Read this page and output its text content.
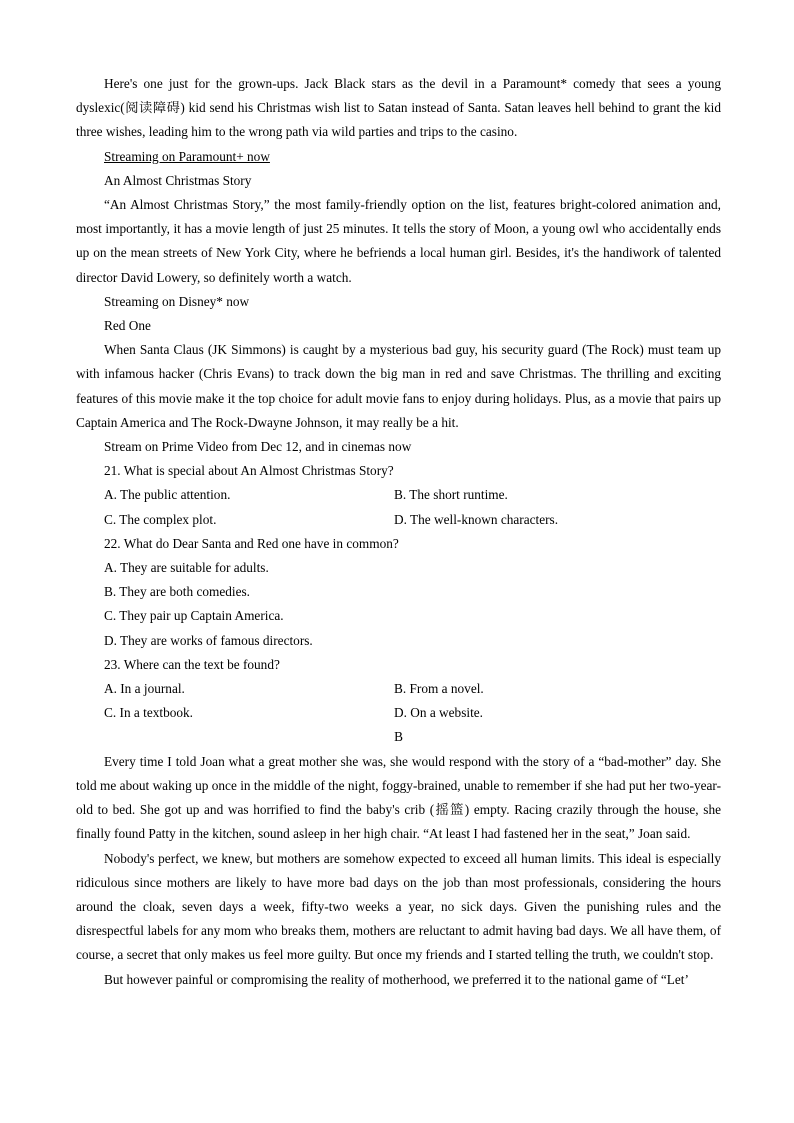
Here's one just for the grown-ups. Jack Black stars as the devil in a Paramount* comedy that sees a young dyslexic(阅读障碍) kid send his Christmas wish list to Satan instead of Santa. Satan leaves hell behind to grant the kid three wishes, leading him to the wrong path via wild parties and trips to the casino.

Streaming on Paramount+ now

An Almost Christmas Story

“An Almost Christmas Story,” the most family-friendly option on the list, features bright-colored animation and, most importantly, it has a movie length of just 25 minutes. It tells the story of Moon, a young owl who accidentally ends up on the mean streets of New York City, where he befriends a local human girl. Besides, it's the handiwork of talented director David Lowery, so definitely worth a watch.

Streaming on Disney* now

Red One

When Santa Claus (JK Simmons) is caught by a mysterious bad guy, his security guard (The Rock) must team up with infamous hacker (Chris Evans) to track down the big man in red and save Christmas. The thrilling and exciting features of this movie make it the top choice for adult movie fans to enjoy during holidays. Plus, as a movie that pairs up Captain America and The Rock-Dwayne Johnson, it may really be a hit.

Stream on Prime Video from Dec 12, and in cinemas now

21. What is special about An Almost Christmas Story?

A. The public attention.	B. The short runtime.
C. The complex plot.	D. The well-known characters.

22. What do Dear Santa and Red one have in common?

A. They are suitable for adults.
B. They are both comedies.
C. They pair up Captain America.
D. They are works of famous directors.

23. Where can the text be found?

A. In a journal.	B. From a novel.
C. In a textbook.	D. On a website.
B

Every time I told Joan what a great mother she was, she would respond with the story of a “bad-mother” day. She told me about waking up once in the middle of the night, foggy-brained, unable to remember if she had put her two-year-old to bed. She got up and was horrified to find the baby's crib (摇篮) empty. Racing crazily through the house, she finally found Patty in the kitchen, sound asleep in her high chair. “At least I had fastened her in the seat,” Joan said.

Nobody's perfect, we knew, but mothers are somehow expected to exceed all human limits. This ideal is especially ridiculous since mothers are likely to have more bad days on the job than most professionals, considering the hours around the cloak, seven days a week, fifty-two weeks a year, no sick days. Given the punishing rules and the disrespectful labels for any mom who breaks them, mothers are reluctant to admit having bad days. We all have them, of course, a secret that only makes us feel more guilty. But once my friends and I started telling the truth, we couldn't stop.

But however painful or compromising the reality of motherhood, we preferred it to the national game of “Let’
